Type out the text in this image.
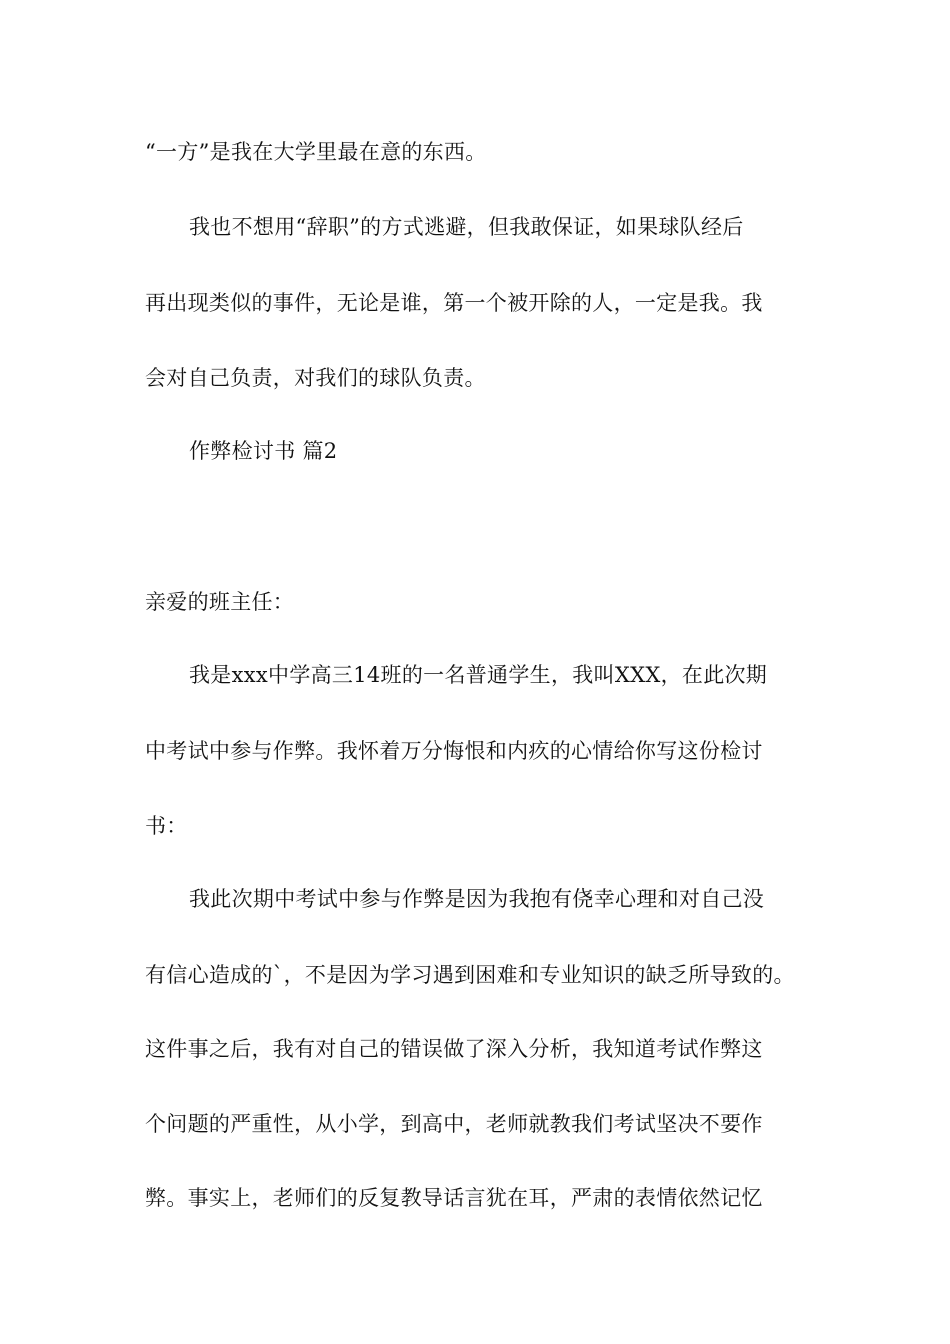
“一方”是我在大学里最在意的东西。
我也不想用“辞职”的方式逃避，但我敢保证，如果球队经后
再出现类似的事件，无论是谁，第一个被开除的人，一定是我。我
会对自己负责，对我们的球队负责。
作弊检讨书 篇2
亲爱的班主任：
我是xxx中学高三14班的一名普通学生，我叫XXX，在此次期
中考试中参与作弊。我怀着万分悔恨和内疚的心情给你写这份检讨
书：
我此次期中考试中参与作弊是因为我抱有侥幸心理和对自己没
有信心造成的`，不是因为学习遇到困难和专业知识的缺乏所导致的。
这件事之后，我有对自己的错误做了深入分析，我知道考试作弊这
个问题的严重性，从小学，到高中，老师就教我们考试坚决不要作
弊。事实上，老师们的反复教导话言犹在耳，严肃的表情依然记忆
